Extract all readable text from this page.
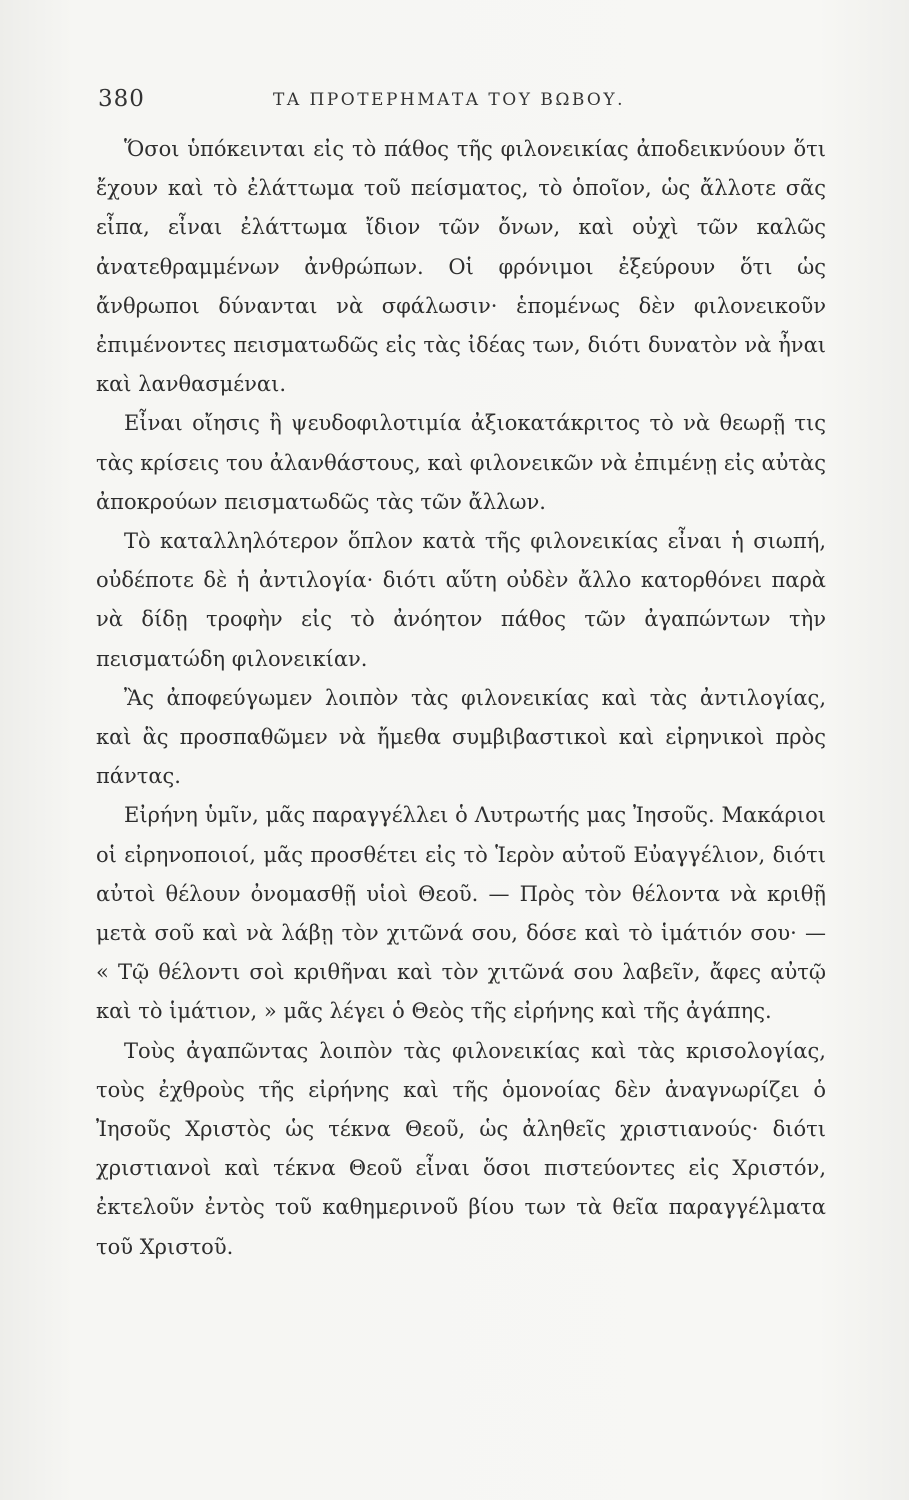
380	ΤΑ ΠΡΟΤΕΡΗΜΑΤΑ ΤΟΥ ΒΩΒΟΥ.

Ὅσοι ὑπόκεινται εἰς τὸ πάθος τῆς φιλονεικίας ἀποδεικνύουν ὅτι ἔχουν καὶ τὸ ἐλάττωμα τοῦ πείσματος, τὸ ὁποῖον, ὡς ἄλλοτε σᾶς εἶπα, εἶναι ἐλάττωμα ἴδιον τῶν ὄνων, καὶ οὐχὶ τῶν καλῶς ἀνατεθραμμένων ἀνθρώπων. Οἱ φρόνιμοι ἐξεύρουν ὅτι ὡς ἄνθρωποι δύνανται νὰ σφάλωσιν· ἑπομένως δὲν φιλονεικοῦν ἐπιμένοντες πεισματωδῶς εἰς τὰς ἰδέας των, διότι δυνατὸν νὰ ἦναι καὶ λανθασμέναι.

Εἶναι οἴησις ἢ ψευδοφιλοτιμία ἀξιοκατάκριτος τὸ νὰ θεωρῇ τις τὰς κρίσεις του ἀλανθάστους, καὶ φιλονεικῶν νὰ ἐπιμένῃ εἰς αὐτὰς ἀποκρούων πεισματωδῶς τὰς τῶν ἄλλων.

Τὸ καταλληλότερον ὅπλον κατὰ τῆς φιλονεικίας εἶναι ἡ σιωπή, οὐδέποτε δὲ ἡ ἀντιλογία· διότι αὕτη οὐδὲν ἄλλο κατορθόνει παρὰ νὰ δίδῃ τροφὴν εἰς τὸ ἀνόητον πάθος τῶν ἀγαπώντων τὴν πεισματώδη φιλονεικίαν.

Ἂς ἀποφεύγωμεν λοιπὸν τὰς φιλονεικίας καὶ τὰς ἀντιλογίας, καὶ ἃς προσπαθῶμεν νὰ ἤμεθα συμβιβαστικοὶ καὶ εἰρηνικοὶ πρὸς πάντας.

Εἰρήνη ὑμῖν, μᾶς παραγγέλλει ὁ Λυτρωτής μας Ἰησοῦς. Μακάριοι οἱ εἰρηνοποιοί, μᾶς προσθέτει εἰς τὸ Ἱερὸν αὐτοῦ Εὐαγγέλιον, διότι αὐτοὶ θέλουν ὀνομασθῇ υἱοὶ Θεοῦ. — Πρὸς τὸν θέλοντα νὰ κριθῇ μετὰ σοῦ καὶ νὰ λάβῃ τὸν χιτῶνά σου, δόσε καὶ τὸ ἱμάτιόν σου· — « Τῷ θέλοντι σοὶ κριθῆναι καὶ τὸν χιτῶνά σου λαβεῖν, ἄφες αὐτῷ καὶ τὸ ἱμάτιον, » μᾶς λέγει ὁ Θεὸς τῆς εἰρήνης καὶ τῆς ἀγάπης.

Τοὺς ἀγαπῶντας λοιπὸν τὰς φιλονεικίας καὶ τὰς κρισολογίας, τοὺς ἐχθροὺς τῆς εἰρήνης καὶ τῆς ὁμονοίας δὲν ἀναγνωρίζει ὁ Ἰησοῦς Χριστὸς ὡς τέκνα Θεοῦ, ὡς ἀληθεῖς χριστιανούς· διότι χριστιανοὶ καὶ τέκνα Θεοῦ εἶναι ὅσοι πιστεύοντες εἰς Χριστόν, ἐκτελοῦν ἐντὸς τοῦ καθημερινοῦ βίου των τὰ θεῖα παραγγέλματα τοῦ Χριστοῦ.
